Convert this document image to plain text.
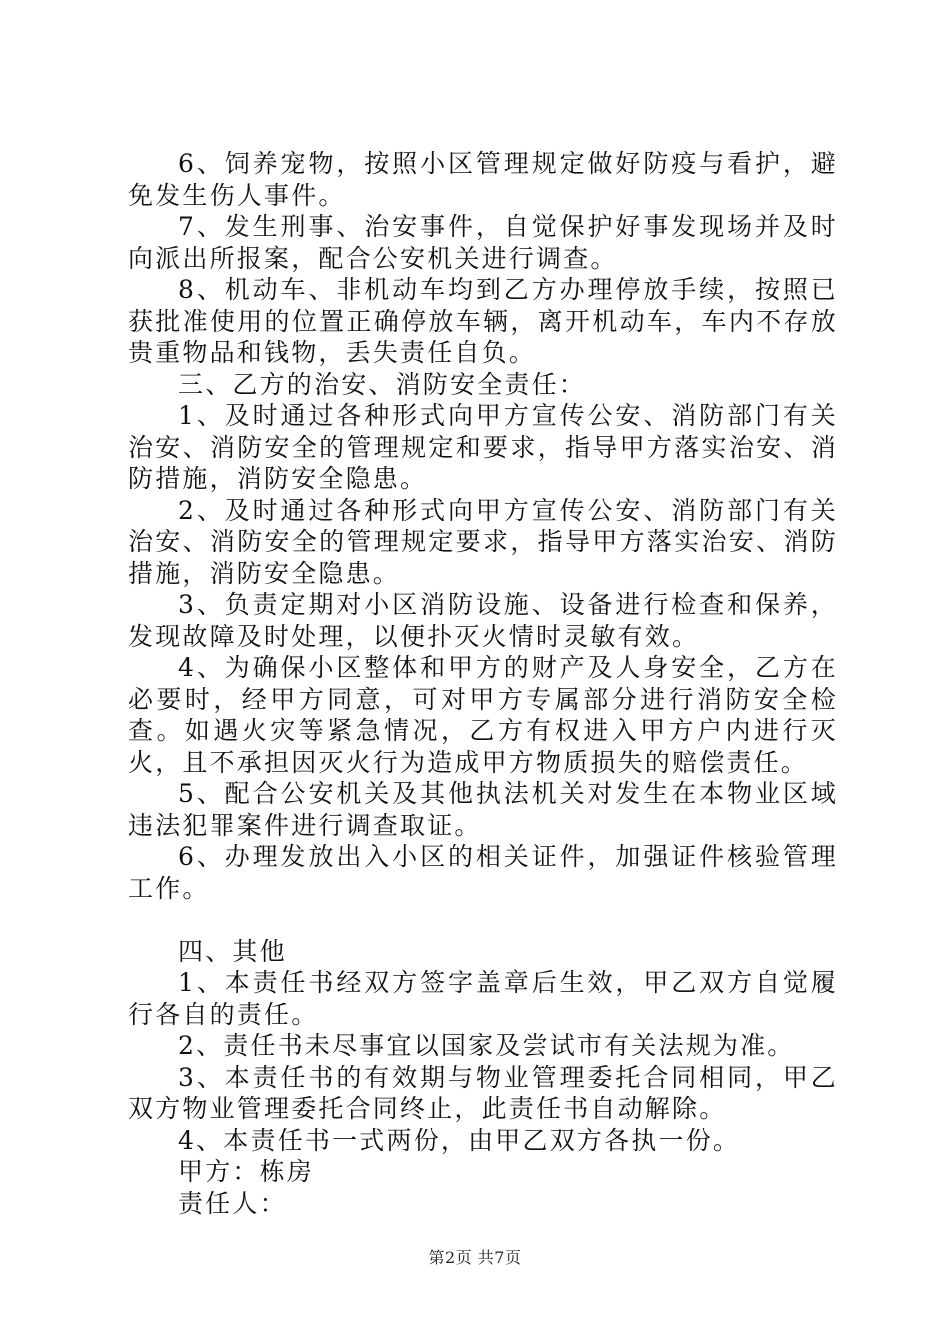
6、饲养宠物，按照小区管理规定做好防疫与看护，避免发生伤人事件。

7、发生刑事、治安事件，自觉保护好事发现场并及时向派出所报案，配合公安机关进行调查。

8、机动车、非机动车均到乙方办理停放手续，按照已获批准使用的位置正确停放车辆，离开机动车，车内不存放贵重物品和钱物，丢失责任自负。

三、乙方的治安、消防安全责任：

1、及时通过各种形式向甲方宣传公安、消防部门有关治安、消防安全的管理规定和要求，指导甲方落实治安、消防措施，消防安全隐患。

2、及时通过各种形式向甲方宣传公安、消防部门有关治安、消防安全的管理规定要求，指导甲方落实治安、消防措施，消防安全隐患。

3、负责定期对小区消防设施、设备进行检查和保养，发现故障及时处理，以便扑灭火情时灵敏有效。

4、为确保小区整体和甲方的财产及人身安全，乙方在必要时，经甲方同意，可对甲方专属部分进行消防安全检查。如遇火灾等紧急情况，乙方有权进入甲方户内进行灭火，且不承担因灭火行为造成甲方物质损失的赔偿责任。

5、配合公安机关及其他执法机关对发生在本物业区域违法犯罪案件进行调查取证。

6、办理发放出入小区的相关证件，加强证件核验管理工作。

四、其他

1、本责任书经双方签字盖章后生效，甲乙双方自觉履行各自的责任。

2、责任书未尽事宜以国家及尝试市有关法规为准。

3、本责任书的有效期与物业管理委托合同相同，甲乙双方物业管理委托合同终止，此责任书自动解除。

4、本责任书一式两份，由甲乙双方各执一份。

甲方：栋房

责任人：

第2页 共7页
